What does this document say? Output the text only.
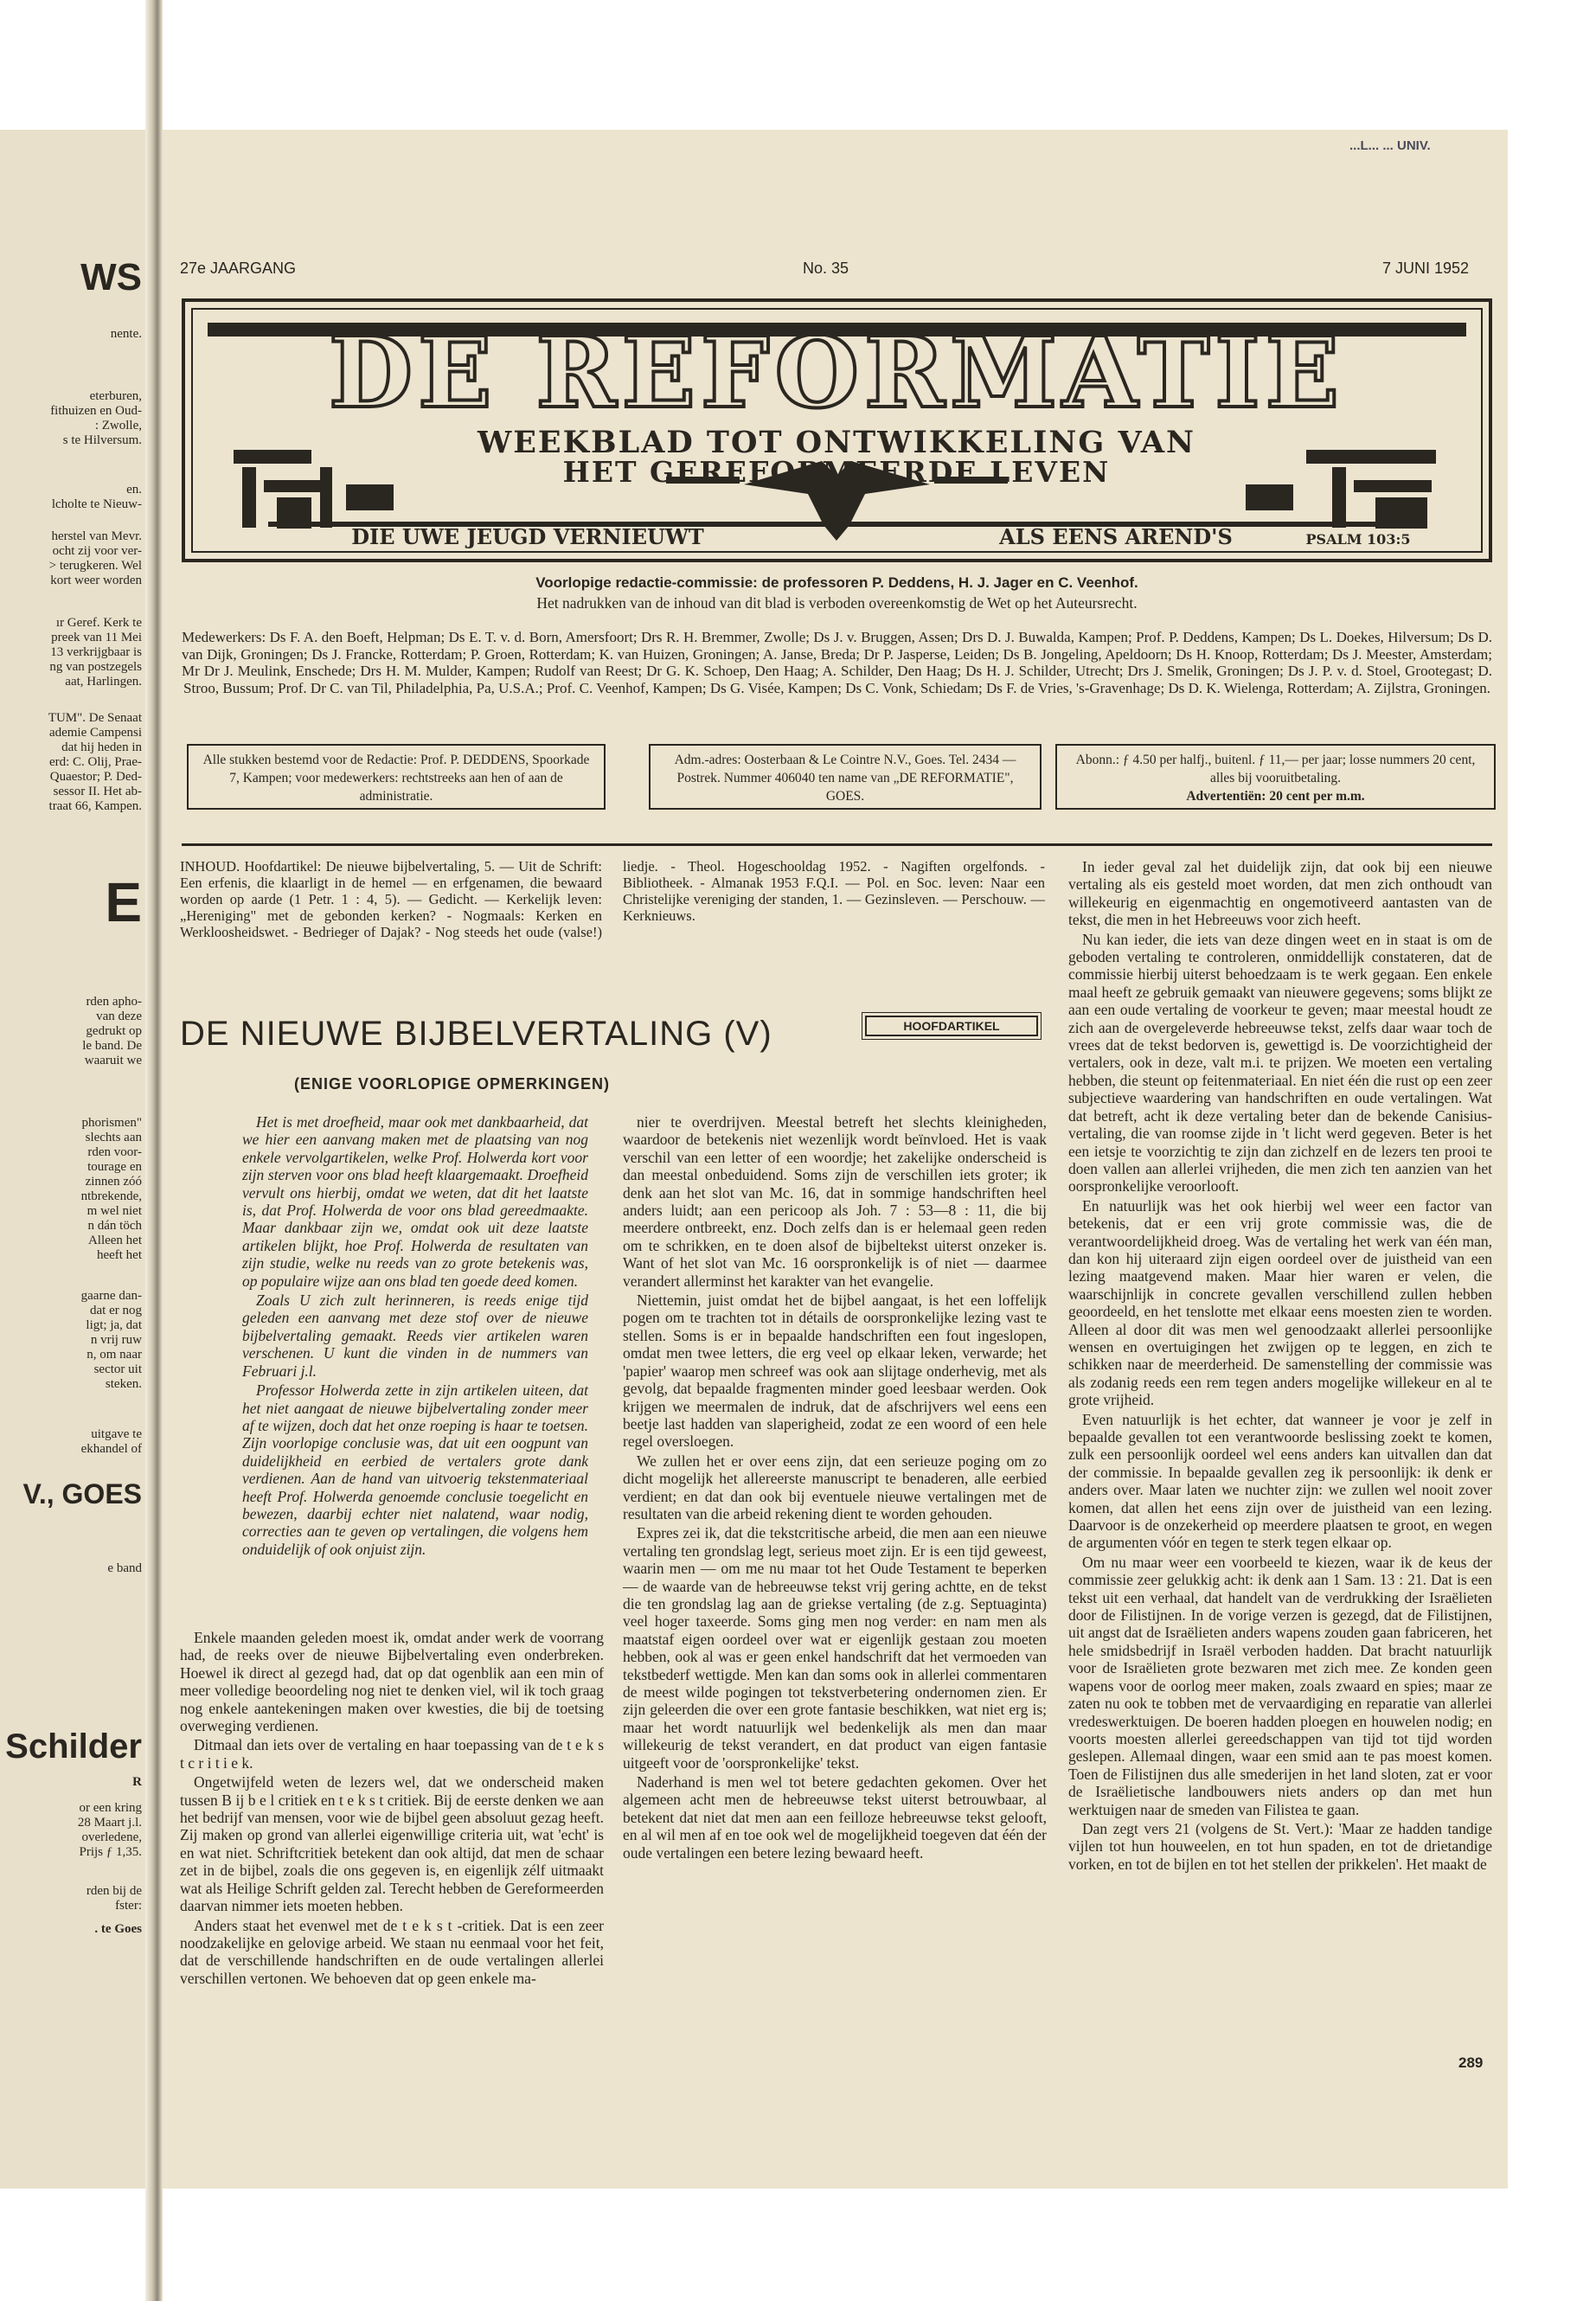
WS
nente.
eterburen,
fithuizen en Oud-
: Zwolle,
s te Hilversum.
en.
lcholte te Nieuw-
herstel van Mevr.
ocht zij voor ver-
> terugkeren. Wel
kort weer worden
ır Geref. Kerk te
preek van 11 Mei
13 verkrijgbaar is
ng van postzegels
aat, Harlingen.
TUM". De Senaat
ademie Campensi
dat hij heden in
erd: C. Olij, Prae-
Quaestor; P. Ded-
sessor II. Het ab-
traat 66, Kampen.
E
rden apho-
van deze
gedrukt op
le band. De
waaruit we
phorismen"
slechts aan
rden voor-
tourage en
zinnen zóó
ntbrekende,
m wel niet
n dán töch
Alleen het
heeft het
gaarne dan-
dat er nog
ligt; ja, dat
n vrij ruw
n, om naar
sector uit
steken.
uitgave te
ekhandel of
V., GOES
e band
Schilder
R
or een kring
28 Maart j.l.
overledene,
Prijs ƒ 1,35.
rden bij de
fster:
. te Goes
...L... ... UNIV.
27e JAARGANG	No. 35	7 JUNI 1952
DE REFORMATIE
WEEKBLAD TOT ONTWIKKELING VAN
HET GEREFORMEERDE LEVEN
DIE UWE JEUGD VERNIEUWT	ALS EENS AREND'S	PSALM 103:5
Voorlopige redactie-commissie: de professoren P. Deddens, H. J. Jager en C. Veenhof.
Het nadrukken van de inhoud van dit blad is verboden overeenkomstig de Wet op het Auteursrecht.
Medewerkers: Ds F. A. den Boeft, Helpman; Ds E. T. v. d. Born, Amersfoort; Drs R. H. Bremmer, Zwolle; Ds J. v. Bruggen, Assen; Drs D. J. Buwalda, Kampen; Prof. P. Deddens, Kampen; Ds L. Doekes, Hilversum; Ds D. van Dijk, Groningen; Ds J. Francke, Rotterdam; P. Groen, Rotterdam; K. van Huizen, Groningen; A. Janse, Breda; Dr P. Jasperse, Leiden; Ds B. Jongeling, Apeldoorn; Ds H. Knoop, Rotterdam; Ds J. Meester, Amsterdam; Mr Dr J. Meulink, Enschede; Drs H. M. Mulder, Kampen; Rudolf van Reest; Dr G. K. Schoep, Den Haag; A. Schilder, Den Haag; Ds H. J. Schilder, Utrecht; Drs J. Smelik, Groningen; Ds J. P. v. d. Stoel, Grootegast; D. Stroo, Bussum; Prof. Dr C. van Til, Philadelphia, Pa, U.S.A.; Prof. C. Veenhof, Kampen; Ds G. Visée, Kampen; Ds C. Vonk, Schiedam; Ds F. de Vries, 's-Gravenhage; Ds D. K. Wielenga, Rotterdam; A. Zijlstra, Groningen.
Alle stukken bestemd voor de Redactie: Prof. P. DEDDENS, Spoorkade 7, Kampen; voor medewerkers: rechtstreeks aan hen of aan de administratie.
Adm.-adres: Oosterbaan & Le Cointre N.V., Goes. Tel. 2434 — Postrek. Nummer 406040 ten name van „DE REFORMATIE", GOES.
Abonn.: ƒ 4.50 per halfj., buitenl. ƒ 11,— per jaar; losse nummers 20 cent, alles bij vooruitbetaling.
Advertentiën: 20 cent per m.m.
INHOUD. Hoofdartikel: De nieuwe bijbelvertaling, 5. — Uit de Schrift: Een erfenis, die klaarligt in de hemel — en erfgenamen, die bewaard worden op aarde (1 Petr. 1 : 4, 5). — Gedicht. — Kerkelijk leven: „Hereniging" met de gebonden kerken? - Nogmaals: Kerken en Werkloosheidswet. - Bedrieger of Dajak? - Nog steeds het oude (valse!) liedje. - Theol. Hogeschooldag 1952. - Nagiften orgelfonds. - Bibliotheek. - Almanak 1953 F.Q.I. — Pol. en Soc. leven: Naar een Christelijke vereniging der standen, 1. — Gezinsleven. — Perschouw. — Kerknieuws.
DE NIEUWE BIJBELVERTALING (V)
(ENIGE VOORLOPIGE OPMERKINGEN)
HOOFDARTIKEL

Het is met droefheid, maar ook met dankbaarheid, dat we hier een aanvang maken met de plaatsing van nog enkele vervolgartikelen, welke Prof. Holwerda kort voor zijn sterven voor ons blad heeft klaargemaakt. Droefheid vervult ons hierbij, omdat we weten, dat dit het laatste is, dat Prof. Holwerda de voor ons blad gereedmaakte. Maar dankbaar zijn we, omdat ook uit deze laatste artikelen blijkt, hoe Prof. Holwerda de resultaten van zijn studie, welke nu reeds van zo grote betekenis was, op populaire wijze aan ons blad ten goede deed komen.

Zoals U zich zult herinneren, is reeds enige tijd geleden een aanvang met deze stof over de nieuwe bijbelvertaling gemaakt. Reeds vier artikelen waren verschenen. U kunt die vinden in de nummers van Februari j.l.

Professor Holwerda zette in zijn artikelen uiteen, dat het niet aangaat de nieuwe bijbelvertaling zonder meer af te wijzen, doch dat het onze roeping is haar te toetsen. Zijn voorlopige conclusie was, dat uit een oogpunt van duidelijkheid en eerbied de vertalers grote dank verdienen. Aan de hand van uitvoerig tekstenmateriaal heeft Prof. Holwerda genoemde conclusie toegelicht en bewezen, daarbij echter niet nalatend, waar nodig, correcties aan te geven op vertalingen, die volgens hem onduidelijk of ook onjuist zijn.

Enkele maanden geleden moest ik, omdat ander werk de voorrang had, de reeks over de nieuwe Bijbelvertaling even onderbreken. Hoewel ik direct al gezegd had, dat op dat ogenblik aan een min of meer volledige beoordeling nog niet te denken viel, wil ik toch graag nog enkele aantekeningen maken over kwesties, die bij de toetsing overweging verdienen.

Ditmaal dan iets over de vertaling en haar toepassing van de t e k s t c r i t i e k.

Ongetwijfeld weten de lezers wel, dat we onderscheid maken tussen B ij b e l critiek en t e k s t critiek. Bij de eerste denken we aan het bedrijf van mensen, voor wie de bijbel geen absoluut gezag heeft. Zij maken op grond van allerlei eigenwillige criteria uit, wat 'echt' is en wat niet. Schriftcritiek betekent dan ook altijd, dat men de schaar zet in de bijbel, zoals die ons gegeven is, en eigenlijk zélf uitmaakt wat als Heilige Schrift gelden zal. Terecht hebben de Gereformeerden daarvan nimmer iets moeten hebben.

Anders staat het evenwel met de t e k s t -critiek. Dat is een zeer noodzakelijke en gelovige arbeid. We staan nu eenmaal voor het feit, dat de verschillende handschriften en de oude vertalingen allerlei verschillen vertonen. We behoeven dat op geen enkele ma-

nier te overdrijven. Meestal betreft het slechts kleinigheden, waardoor de betekenis niet wezenlijk wordt beïnvloed. Het is vaak verschil van een letter of een woordje; het zakelijke onderscheid is dan meestal onbeduidend. Soms zijn de verschillen iets groter; ik denk aan het slot van Mc. 16, dat in sommige handschriften heel anders luidt; aan een pericoop als Joh. 7 : 53—8 : 11, die bij meerdere ontbreekt, enz. Doch zelfs dan is er helemaal geen reden om te schrikken, en te doen alsof de bijbeltekst uiterst onzeker is. Want of het slot van Mc. 16 oorspronkelijk is of niet — daarmee verandert allerminst het karakter van het evangelie.

Niettemin, juist omdat het de bijbel aangaat, is het een loffelijk pogen om te trachten tot in détails de oorspronkelijke lezing vast te stellen. Soms is er in bepaalde handschriften een fout ingeslopen, omdat men twee letters, die erg veel op elkaar leken, verwarde; het 'papier' waarop men schreef was ook aan slijtage onderhevig, met als gevolg, dat bepaalde fragmenten minder goed leesbaar werden. Ook krijgen we meermalen de indruk, dat de afschrijvers wel eens een beetje last hadden van slaperigheid, zodat ze een woord of een hele regel oversloegen.

We zullen het er over eens zijn, dat een serieuze poging om zo dicht mogelijk het allereerste manuscript te benaderen, alle eerbied verdient; en dat dan ook bij eventuele nieuwe vertalingen met de resultaten van die arbeid rekening dient te worden gehouden.

Expres zei ik, dat die tekstcritische arbeid, die men aan een nieuwe vertaling ten grondslag legt, serieus moet zijn. Er is een tijd geweest, waarin men — om me nu maar tot het Oude Testament te beperken — de waarde van de hebreeuwse tekst vrij gering achtte, en de tekst die ten grondslag lag aan de griekse vertaling (de z.g. Septuaginta) veel hoger taxeerde. Soms ging men nog verder: en nam men als maatstaf eigen oordeel over wat er eigenlijk gestaan zou moeten hebben, ook al was er geen enkel handschrift dat het vermoeden van tekstbederf wettigde. Men kan dan soms ook in allerlei commentaren de meest wilde pogingen tot tekstverbetering ondernomen zien. Er zijn geleerden die over een grote fantasie beschikken, wat niet erg is; maar het wordt natuurlijk wel bedenkelijk als men dan maar willekeurig de tekst verandert, en dat product van eigen fantasie uitgeeft voor de 'oorspronkelijke' tekst.

Naderhand is men wel tot betere gedachten gekomen. Over het algemeen acht men de hebreeuwse tekst uiterst betrouwbaar, al betekent dat niet dat men aan een feilloze hebreeuwse tekst gelooft, en al wil men af en toe ook wel de mogelijkheid toegeven dat één der oude vertalingen een betere lezing bewaard heeft.

In ieder geval zal het duidelijk zijn, dat ook bij een nieuwe vertaling als eis gesteld moet worden, dat men zich onthoudt van willekeurig en eigenmachtig en ongemotiveerd aantasten van de tekst, die men in het Hebreeuws voor zich heeft.

Nu kan ieder, die iets van deze dingen weet en in staat is om de geboden vertaling te controleren, onmiddellijk constateren, dat de commissie hierbij uiterst behoedzaam is te werk gegaan. Een enkele maal heeft ze gebruik gemaakt van nieuwere gegevens; soms blijkt ze aan een oude vertaling de voorkeur te geven; maar meestal houdt ze zich aan de overgeleverde hebreeuwse tekst, zelfs daar waar toch de vrees dat de tekst bedorven is, gewettigd is. De voorzichtigheid der vertalers, ook in deze, valt m.i. te prijzen. We moeten een vertaling hebben, die steunt op feitenmateriaal. En niet één die rust op een zeer subjectieve waardering van handschriften en oude vertalingen. Wat dat betreft, acht ik deze vertaling beter dan de bekende Canisius-vertaling, die van roomse zijde in 't licht werd gegeven. Beter is het een ietsje te voorzichtig te zijn dan zichzelf en de lezers ten prooi te doen vallen aan allerlei vrijheden, die men zich ten aanzien van het oorspronkelijke veroorlooft.

En natuurlijk was het ook hierbij wel weer een factor van betekenis, dat er een vrij grote commissie was, die de verantwoordelijkheid droeg. Was de vertaling het werk van één man, dan kon hij uiteraard zijn eigen oordeel over de juistheid van een lezing maatgevend maken. Maar hier waren er velen, die waarschijnlijk in concrete gevallen verschillend zullen hebben geoordeeld, en het tenslotte met elkaar eens moesten zien te worden. Alleen al door dit was men wel genoodzaakt allerlei persoonlijke wensen en overtuigingen het zwijgen op te leggen, en zich te schikken naar de meerderheid. De samenstelling der commissie was als zodanig reeds een rem tegen anders mogelijke willekeur en al te grote vrijheid.

Even natuurlijk is het echter, dat wanneer je voor je zelf in bepaalde gevallen tot een verantwoorde beslissing zoekt te komen, zulk een persoonlijk oordeel wel eens anders kan uitvallen dan dat der commissie. In bepaalde gevallen zeg ik persoonlijk: ik denk er anders over. Maar laten we nuchter zijn: we zullen wel nooit zover komen, dat allen het eens zijn over de juistheid van een lezing. Daarvoor is de onzekerheid op meerdere plaatsen te groot, en wegen de argumenten vóór en tegen te sterk tegen elkaar op.

Om nu maar weer een voorbeeld te kiezen, waar ik de keus der commissie zeer gelukkig acht: ik denk aan 1 Sam. 13 : 21. Dat is een tekst uit een verhaal, dat handelt van de verdrukking der Israëlieten door de Filistijnen. In de vorige verzen is gezegd, dat de Filistijnen, uit angst dat de Israëlieten anders wapens zouden gaan fabriceren, het hele smidsbedrijf in Israël verboden hadden. Dat bracht natuurlijk voor de Israëlieten grote bezwaren met zich mee. Ze konden geen wapens voor de oorlog meer maken, zoals zwaard en spies; maar ze zaten nu ook te tobben met de vervaardiging en reparatie van allerlei vredeswerktuigen. De boeren hadden ploegen en houwelen nodig; en voorts moesten allerlei gereedschappen van tijd tot tijd worden geslepen. Allemaal dingen, waar een smid aan te pas moest komen. Toen de Filistijnen dus alle smederijen in het land sloten, zat er voor de Israëlietische landbouwers niets anders op dan met hun werktuigen naar de smeden van Filistea te gaan.

Dan zegt vers 21 (volgens de St. Vert.): 'Maar ze hadden tandige vijlen tot hun houweelen, en tot hun spaden, en tot de drietandige vorken, en tot de bijlen en tot het stellen der prikkelen'. Het maakt de

289
